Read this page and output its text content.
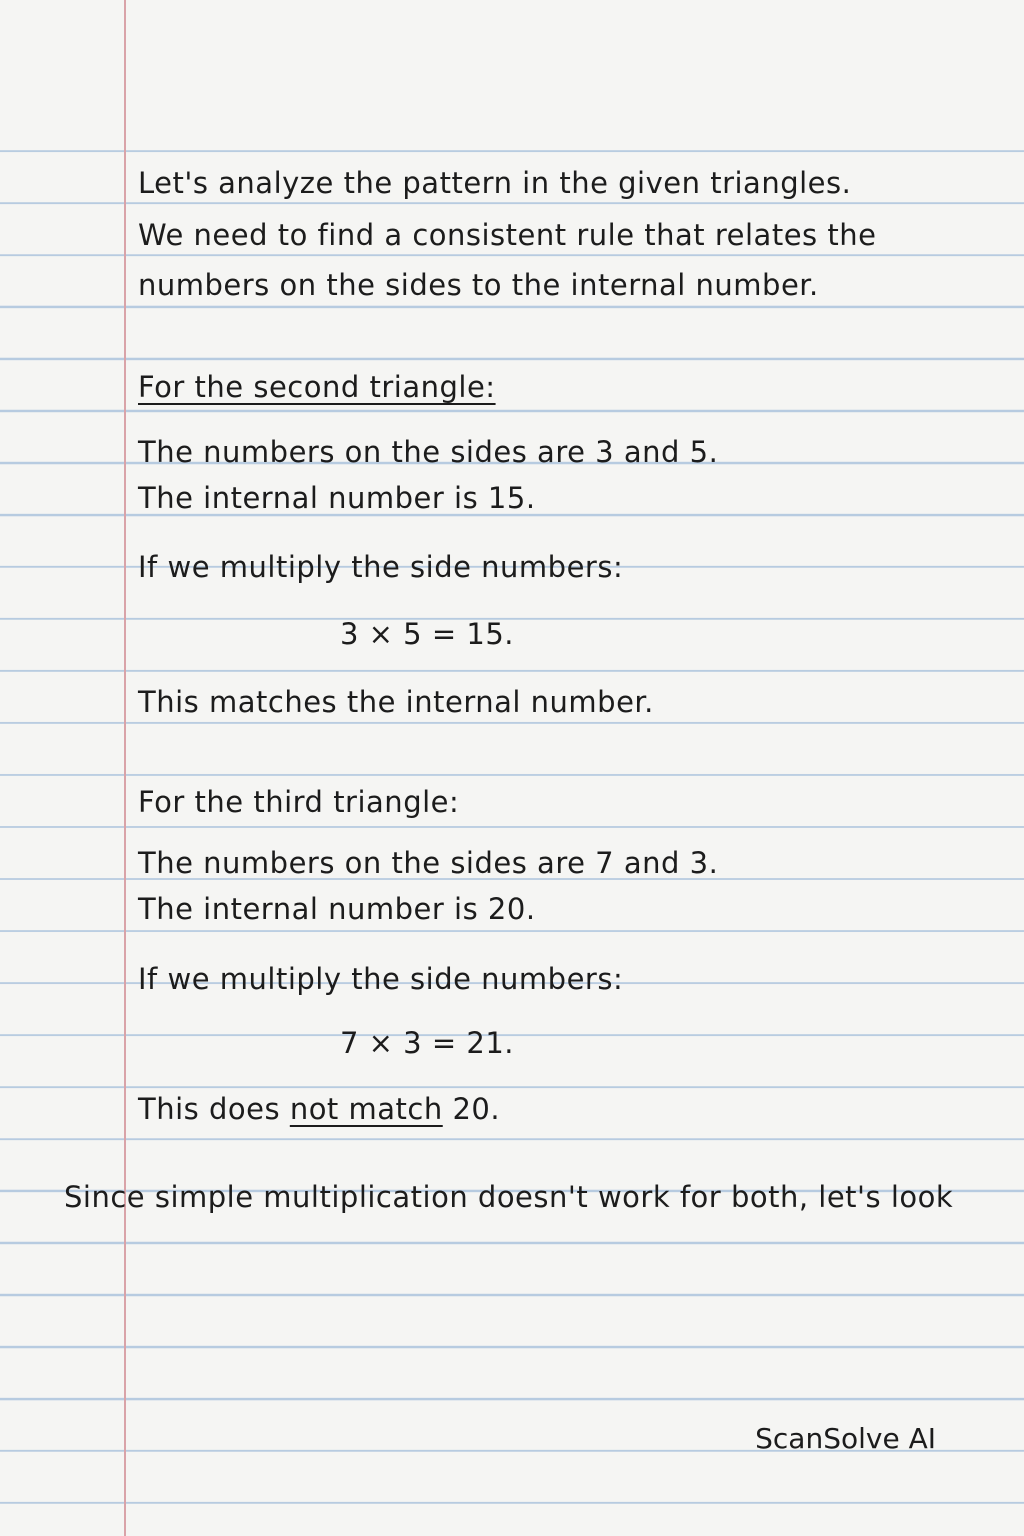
Let's analyze the pattern in the given triangles.
We need to find a consistent rule that relates the
numbers on the sides to the internal number.
For the second triangle:
The numbers on the sides are 3 and 5.
The internal number is 15.
If we multiply the side numbers:
3 × 5 = 15.
This matches the internal number.
For the third triangle:
The numbers on the sides are 7 and 3.
The internal number is 20.
If we multiply the side numbers:
7 × 3 = 21.
This does not match 20.
Since simple multiplication doesn't work for both, let's look
ScanSolve AI
